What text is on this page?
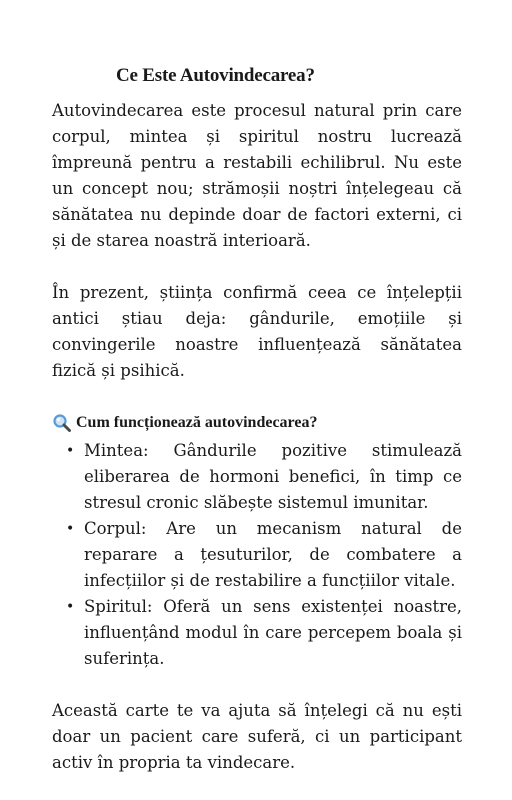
Ce Este Autovindecarea?

Autovindecarea este procesul natural prin care corpul, mintea și spiritul nostru lucrează împreună pentru a restabili echilibrul. Nu este un concept nou; strămoșii noștri înțelegeau că sănătatea nu depinde doar de factori externi, ci și de starea noastră interioară.

În prezent, știința confirmă ceea ce înțelepții antici știau deja: gândurile, emoțiile și convingerile noastre influențează sănătatea fizică și psihică.

Cum funcționează autovindecarea?
• Mintea: Gândurile pozitive stimulează eliberarea de hormoni benefici, în timp ce stresul cronic slăbește sistemul imunitar.
• Corpul: Are un mecanism natural de reparare a țesuturilor, de combatere a infecțiilor și de restabilire a funcțiilor vitale.
• Spiritul: Oferă un sens existenței noastre, influențând modul în care percepem boala și suferința.

Această carte te va ajuta să înțelegi că nu ești doar un pacient care suferă, ci un participant activ în propria ta vindecare.
